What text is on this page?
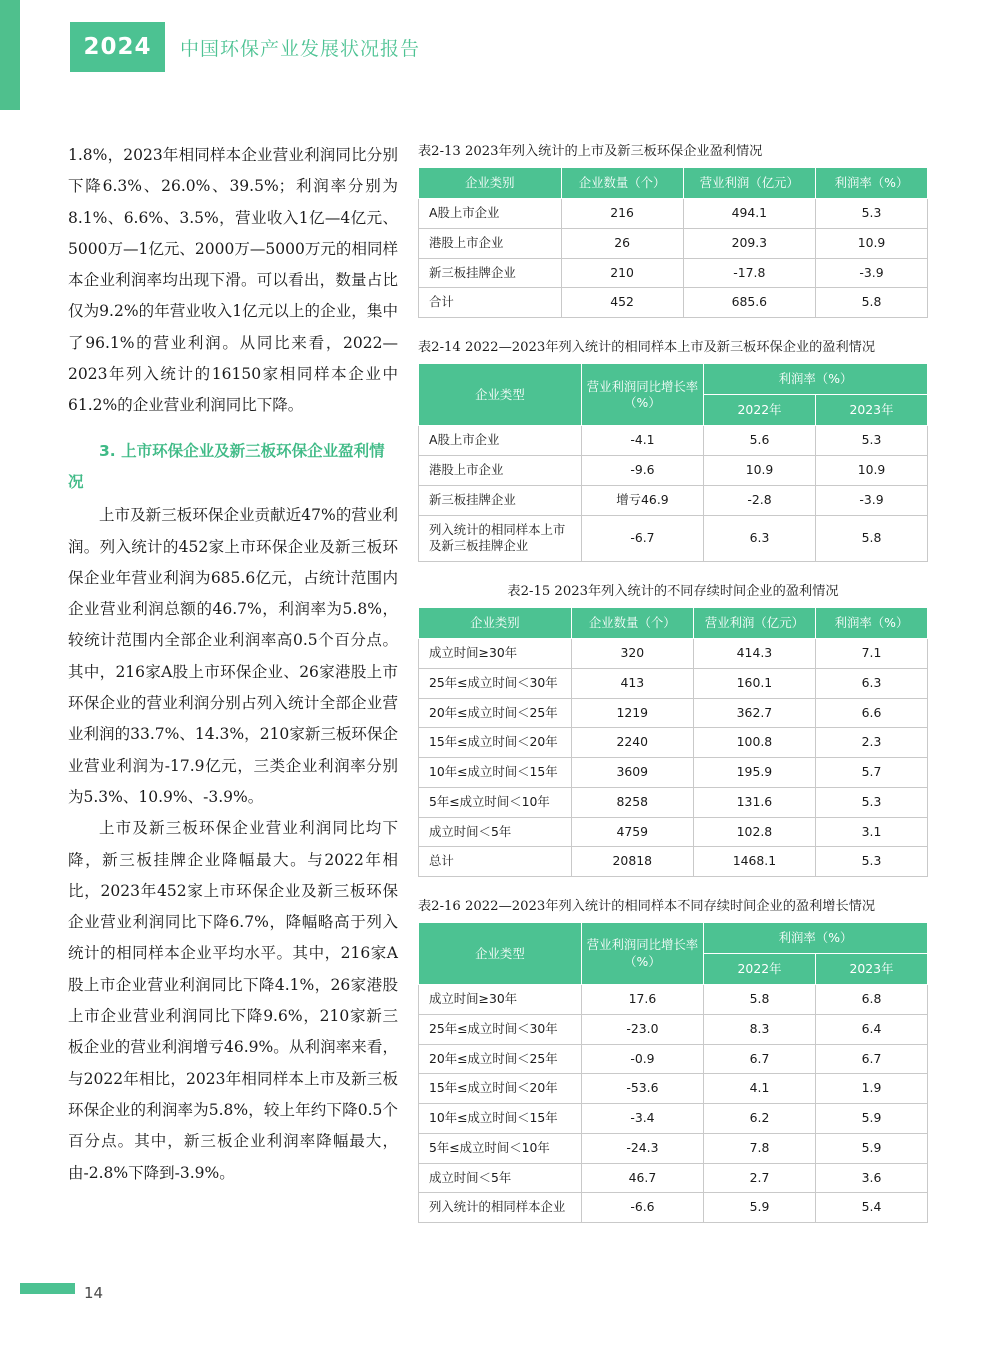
2024 中国环保产业发展状况报告

1.8%，2023年相同样本企业营业利润同比分别下降6.3%、26.0%、39.5%；利润率分别为8.1%、6.6%、3.5%，营业收入1亿—4亿元、5000万—1亿元、2000万—5000万元的相同样本企业利润率均出现下滑。可以看出，数量占比仅为9.2%的年营业收入1亿元以上的企业，集中了96.1%的营业利润。从同比来看，2022—2023年列入统计的16150家相同样本企业中61.2%的企业营业利润同比下降。

3. 上市环保企业及新三板环保企业盈利情况

上市及新三板环保企业贡献近47%的营业利润。列入统计的452家上市环保企业及新三板环保企业年营业利润为685.6亿元，占统计范围内企业营业利润总额的46.7%，利润率为5.8%，较统计范围内全部企业利润率高0.5个百分点。其中，216家A股上市环保企业、26家港股上市环保企业的营业利润分别占列入统计全部企业营业利润的33.7%、14.3%，210家新三板环保企业营业利润为-17.9亿元，三类企业利润率分别为5.3%、10.9%、-3.9%。

上市及新三板环保企业营业利润同比均下降，新三板挂牌企业降幅最大。与2022年相比，2023年452家上市环保企业及新三板环保企业营业利润同比下降6.7%，降幅略高于列入统计的相同样本企业平均水平。其中，216家A股上市企业营业利润同比下降4.1%，26家港股上市企业营业利润同比下降9.6%，210家新三板企业的营业利润增亏46.9%。从利润率来看，与2022年相比，2023年相同样本上市及新三板环保企业的利润率为5.8%，较上年约下降0.5个百分点。其中，新三板企业利润率降幅最大，由-2.8%下降到-3.9%。

表2-13 2023年列入统计的上市及新三板环保企业盈利情况
企业类别	企业数量（个）	营业利润（亿元）	利润率（%）
A股上市企业	216	494.1	5.3
港股上市企业	26	209.3	10.9
新三板挂牌企业	210	-17.8	-3.9
合计	452	685.6	5.8
表2-14 2022—2023年列入统计的相同样本上市及新三板环保企业的盈利情况
企业类型	营业利润同比增长率（%）	利润率（%）	
		2022年	2023年
A股上市企业	-4.1	5.6	5.3
港股上市企业	-9.6	10.9	10.9
新三板挂牌企业	增亏46.9	-2.8	-3.9
列入统计的相同样本上市及新三板挂牌企业	-6.7	6.3	5.8
表2-15 2023年列入统计的不同存续时间企业的盈利情况
企业类别	企业数量（个）	营业利润（亿元）	利润率（%）
成立时间≥30年	320	414.3	7.1
25年≤成立时间＜30年	413	160.1	6.3
20年≤成立时间＜25年	1219	362.7	6.6
15年≤成立时间＜20年	2240	100.8	2.3
10年≤成立时间＜15年	3609	195.9	5.7
5年≤成立时间＜10年	8258	131.6	5.3
成立时间＜5年	4759	102.8	3.1
总计	20818	1468.1	5.3
表2-16 2022—2023年列入统计的相同样本不同存续时间企业的盈利增长情况
企业类型	营业利润同比增长率（%）	利润率（%）	
		2022年	2023年
成立时间≥30年	17.6	5.8	6.8
25年≤成立时间＜30年	-23.0	8.3	6.4
20年≤成立时间＜25年	-0.9	6.7	6.7
15年≤成立时间＜20年	-53.6	4.1	1.9
10年≤成立时间＜15年	-3.4	6.2	5.9
5年≤成立时间＜10年	-24.3	7.8	5.9
成立时间＜5年	46.7	2.7	3.6
列入统计的相同样本企业	-6.6	5.9	5.4
14
